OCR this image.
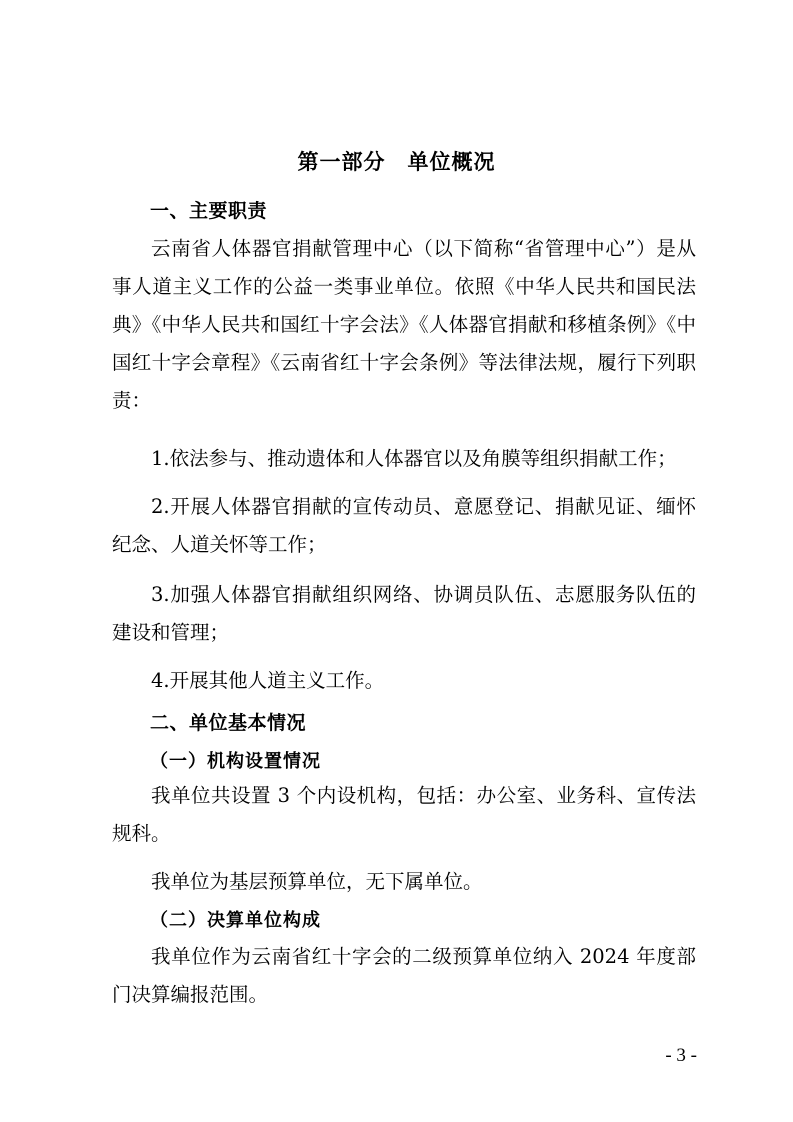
第一部分　单位概况
一、主要职责
云南省人体器官捐献管理中心（以下简称“省管理中心”）是从事人道主义工作的公益一类事业单位。依照《中华人民共和国民法典》《中华人民共和国红十字会法》《人体器官捐献和移植条例》《中国红十字会章程》《云南省红十字会条例》等法律法规，履行下列职责：
1.依法参与、推动遗体和人体器官以及角膜等组织捐献工作；
2.开展人体器官捐献的宣传动员、意愿登记、捐献见证、缅怀纪念、人道关怀等工作；
3.加强人体器官捐献组织网络、协调员队伍、志愿服务队伍的建设和管理；
4.开展其他人道主义工作。
二、单位基本情况
（一）机构设置情况
我单位共设置 3 个内设机构，包括：办公室、业务科、宣传法规科。
我单位为基层预算单位，无下属单位。
（二）决算单位构成
我单位作为云南省红十字会的二级预算单位纳入 2024 年度部门决算编报范围。
- 3 -
